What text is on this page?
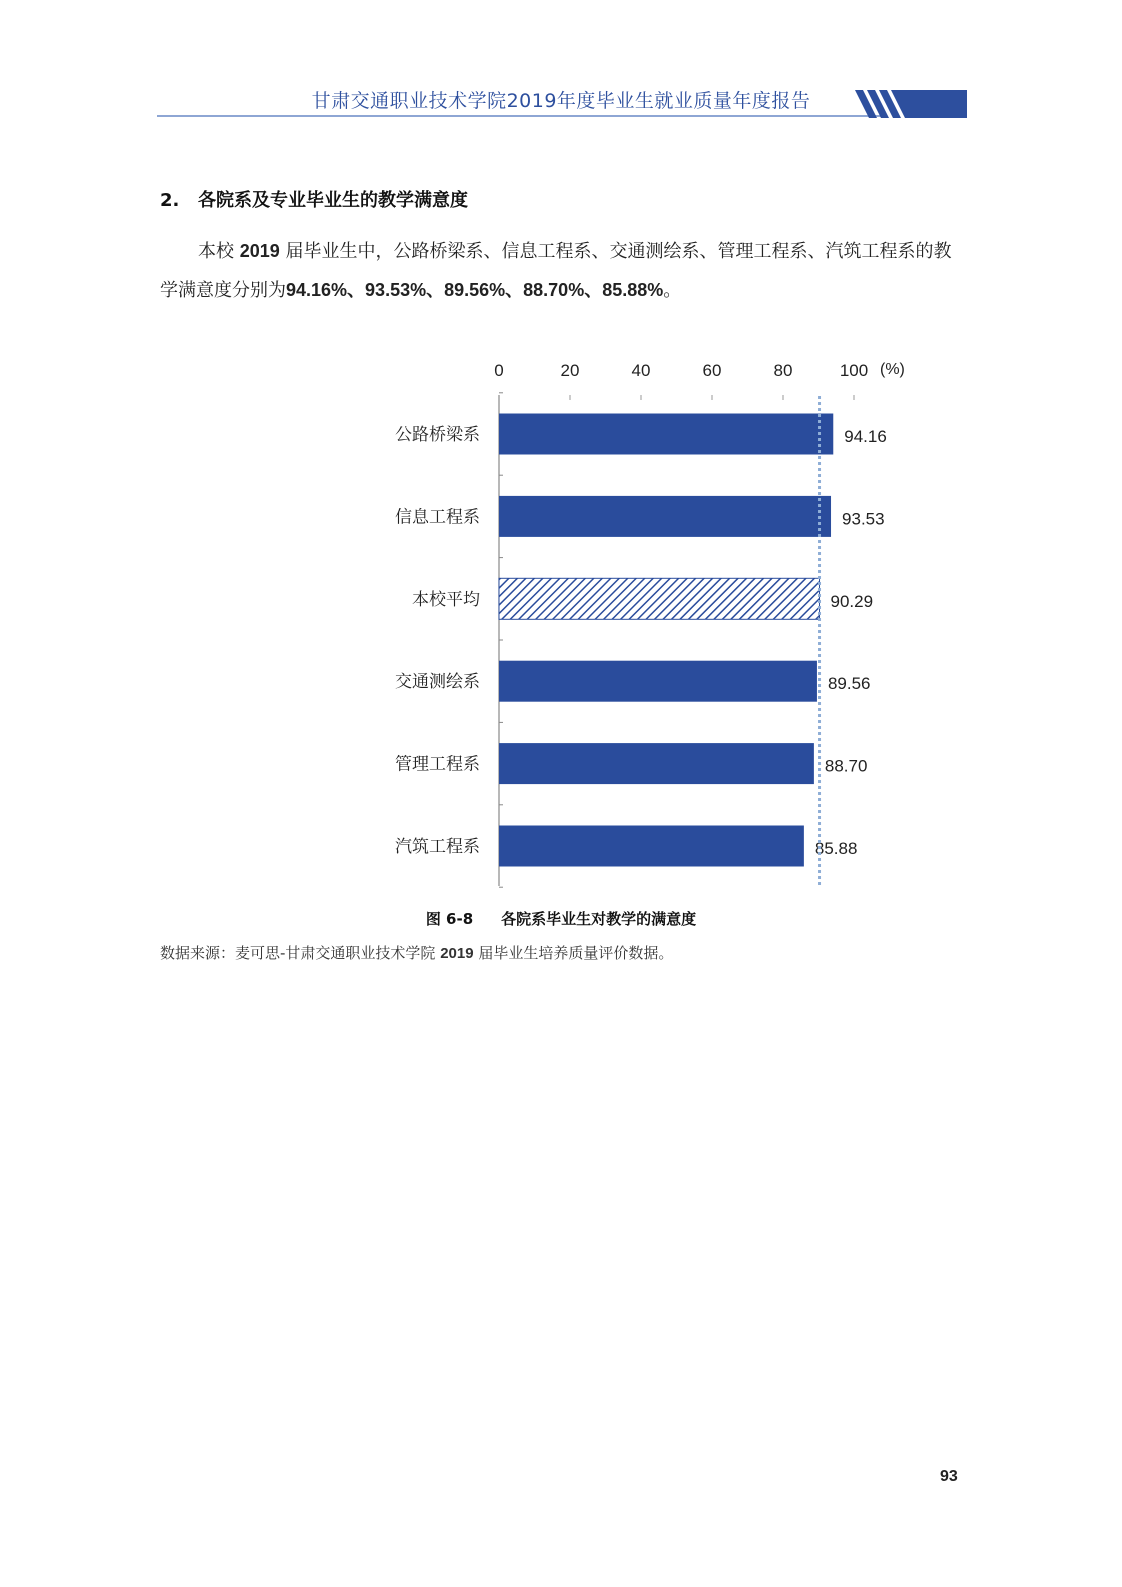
甘肃交通职业技术学院2019年度毕业生就业质量年度报告
2. 各院系及专业毕业生的教学满意度
本校 2019 届毕业生中，公路桥梁系、信息工程系、交通测绘系、管理工程系、汽筑工程系的教学满意度分别为94.16%、93.53%、89.56%、88.70%、85.88%。
0	20	40	60	80	100 (%)
公路桥梁系	94.16
信息工程系	93.53
本校平均	90.29
交通测绘系	89.56
管理工程系	88.70
汽筑工程系	85.88
图 6-8 各院系毕业生对教学的满意度
数据来源：麦可思-甘肃交通职业技术学院 2019 届毕业生培养质量评价数据。
93
